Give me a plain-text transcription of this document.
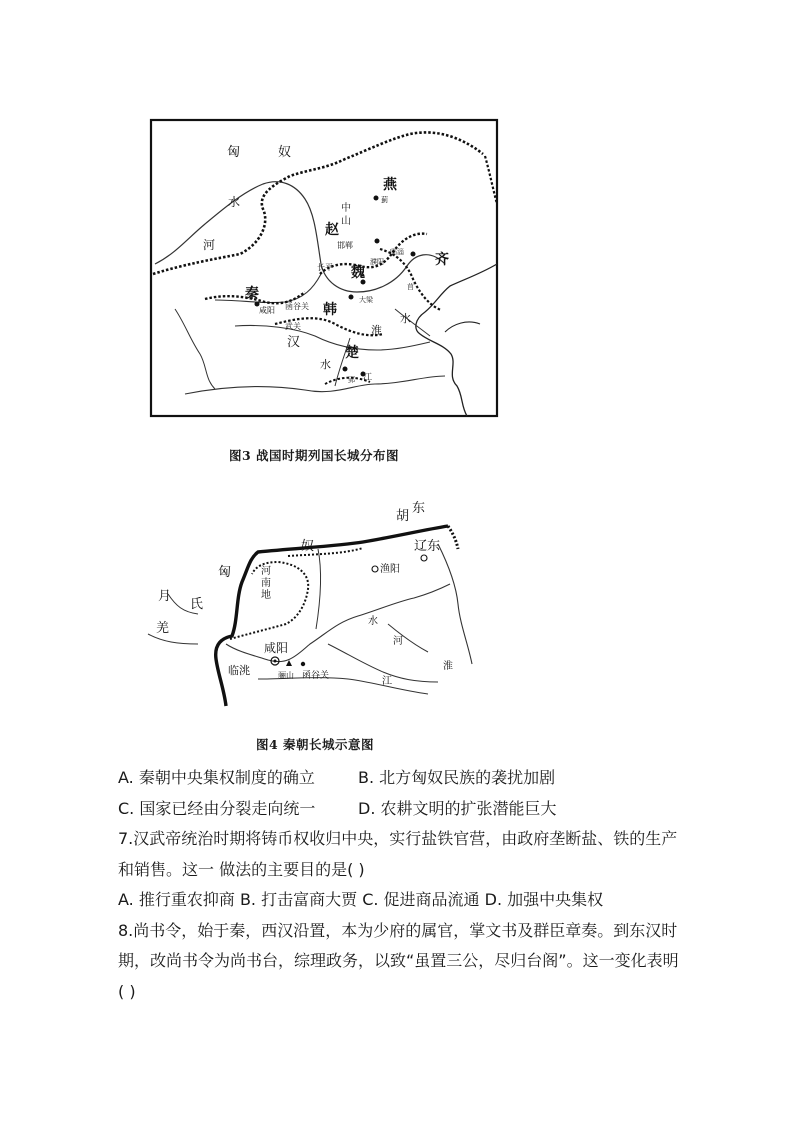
匈	奴
水
河
燕
蓟
中
山
赵
邯郸
长平 魏
濮阳	齐
临淄
莒
秦
咸阳 函谷关 韩
大梁
武关
汉
楚
淮
水
水
郢 江
图3 战国时期列国长城分布图
胡
东
奴	辽东
渔阳
河
南
地
匈
月
氏
羌
咸阳
临洮	骊山 函谷关
水
河
江
淮
图4 秦朝长城示意图
A. 秦朝中央集权制度的确立	B. 北方匈奴民族的袭扰加剧
C. 国家已经由分裂走向统一	D. 农耕文明的扩张潜能巨大
7.汉武帝统治时期将铸币权收归中央，实行盐铁官营，由政府垄断盐、铁的生产
和销售。这一 做法的主要目的是( )
A. 推行重农抑商 B. 打击富商大贾 C. 促进商品流通 D. 加强中央集权
8.尚书令，始于秦，西汉沿置，本为少府的属官，掌文书及群臣章奏。到东汉时
期，改尚书令为尚书台，综理政务，以致“虽置三公，尽归台阁”。这一变化表明
( )
